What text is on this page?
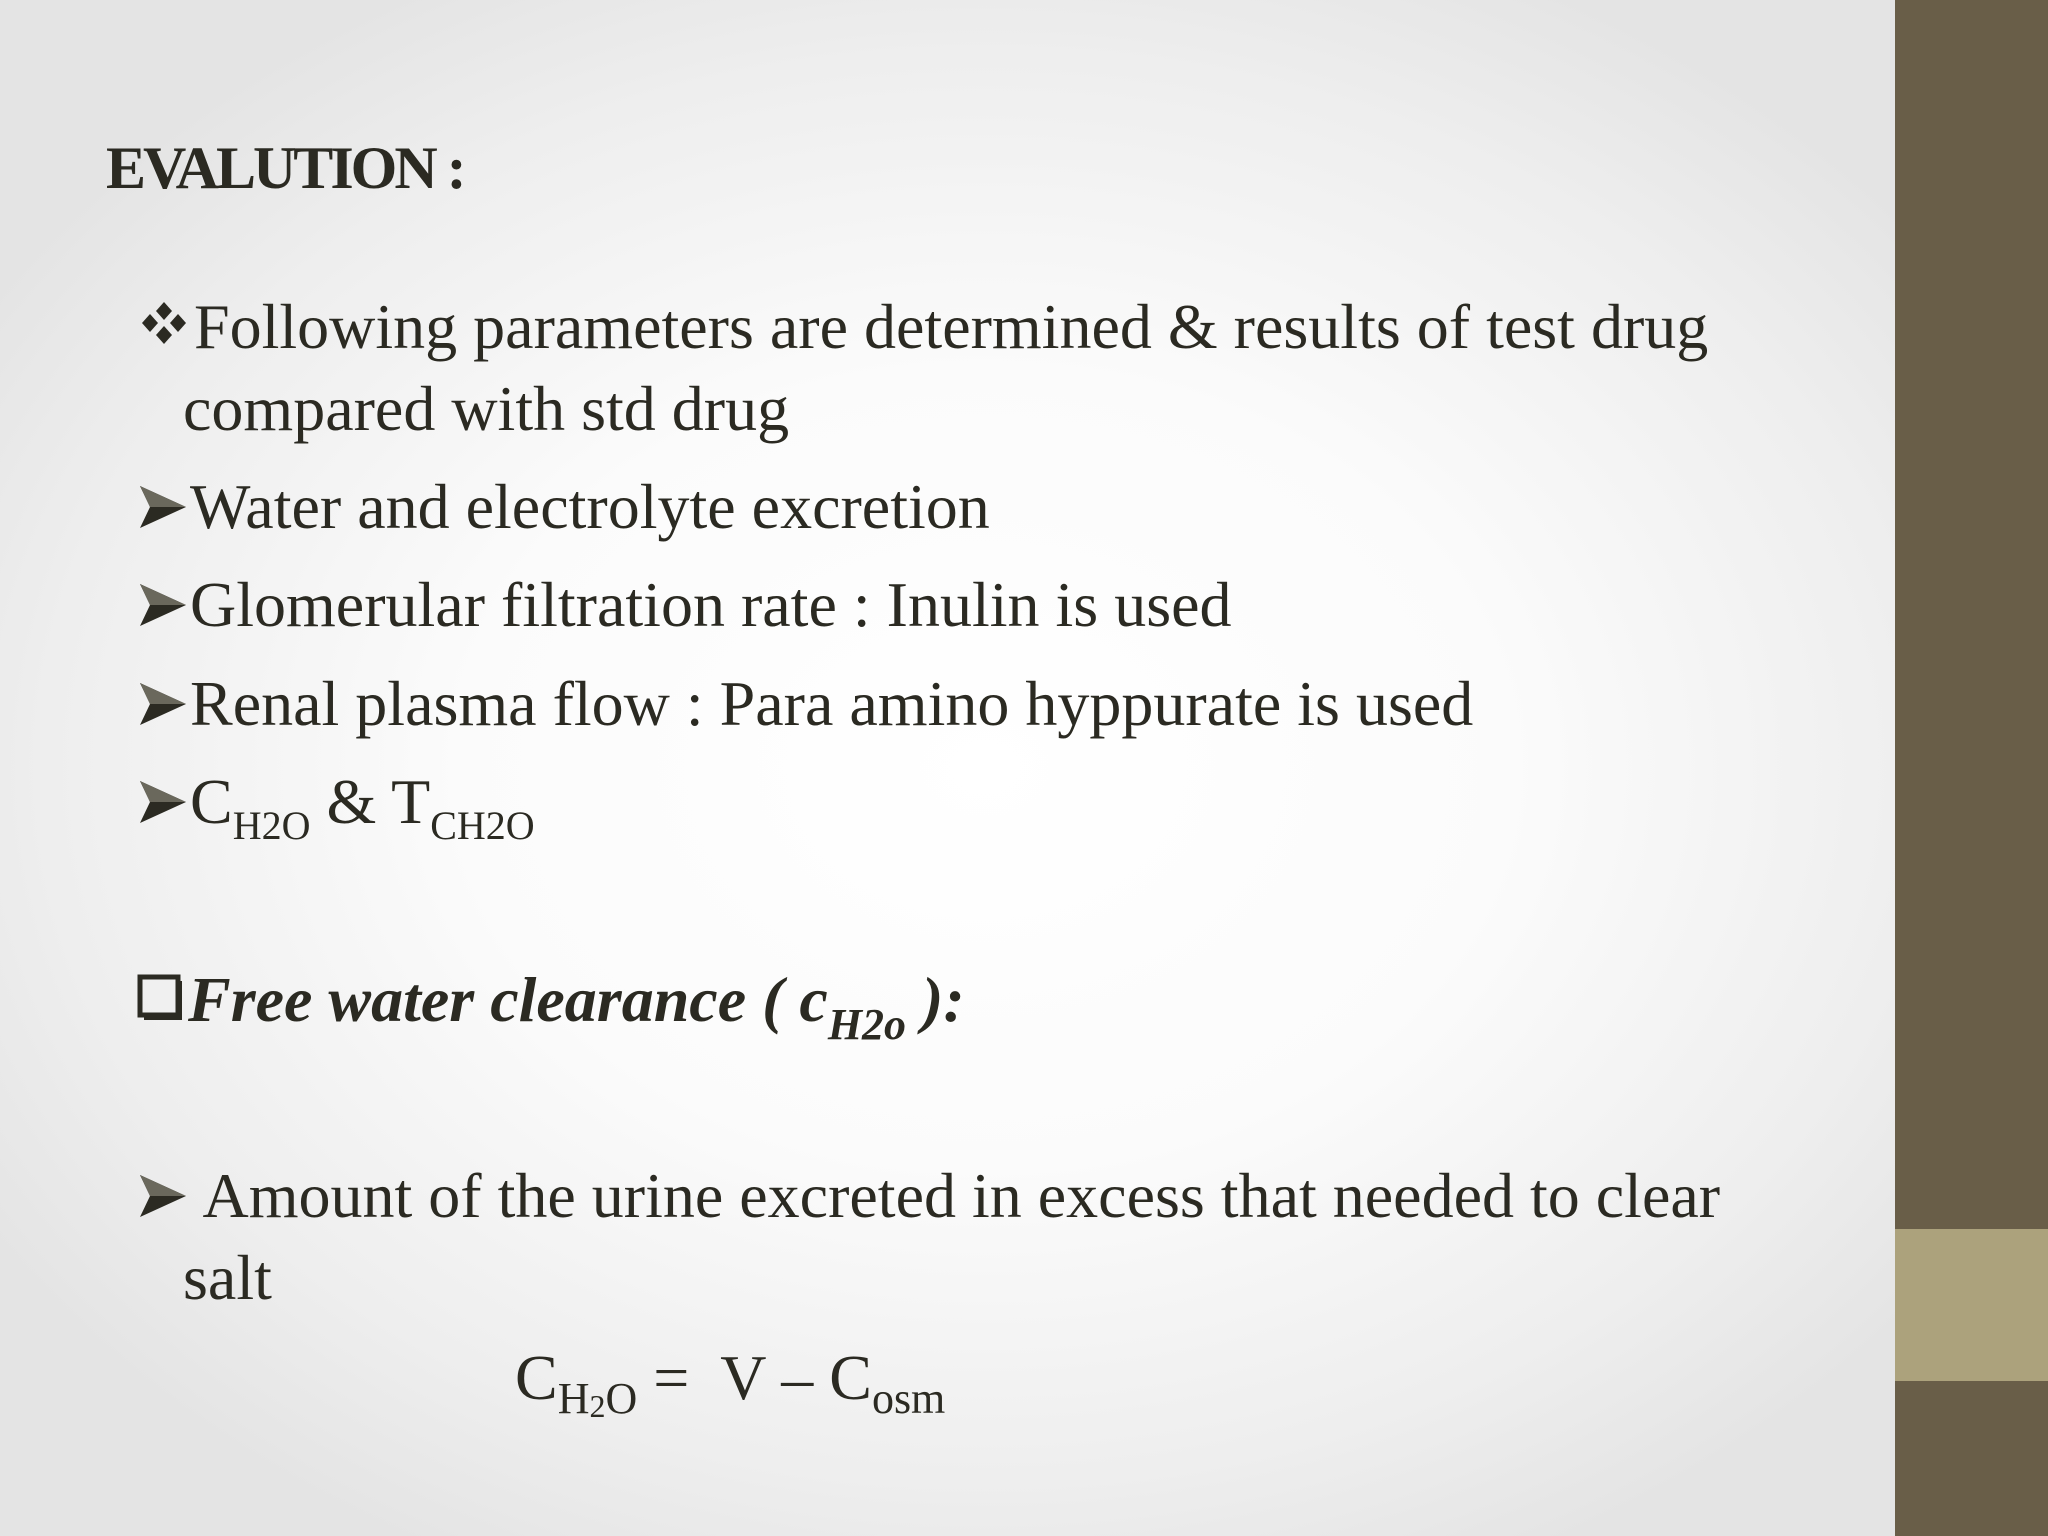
EVALUTION :
Following parameters are determined & results of test drug
compared with std drug
Water and electrolyte excretion
Glomerular filtration rate : Inulin is used
Renal plasma flow : Para amino hyppurate is used
$C_{H2O}$ & $T_{CH2O}$
Free water clearance ( $c_{H2o}$ ):
Amount of the urine excreted in excess that needed to clear
salt
$C_{H2O} = V - C_{osm}$
